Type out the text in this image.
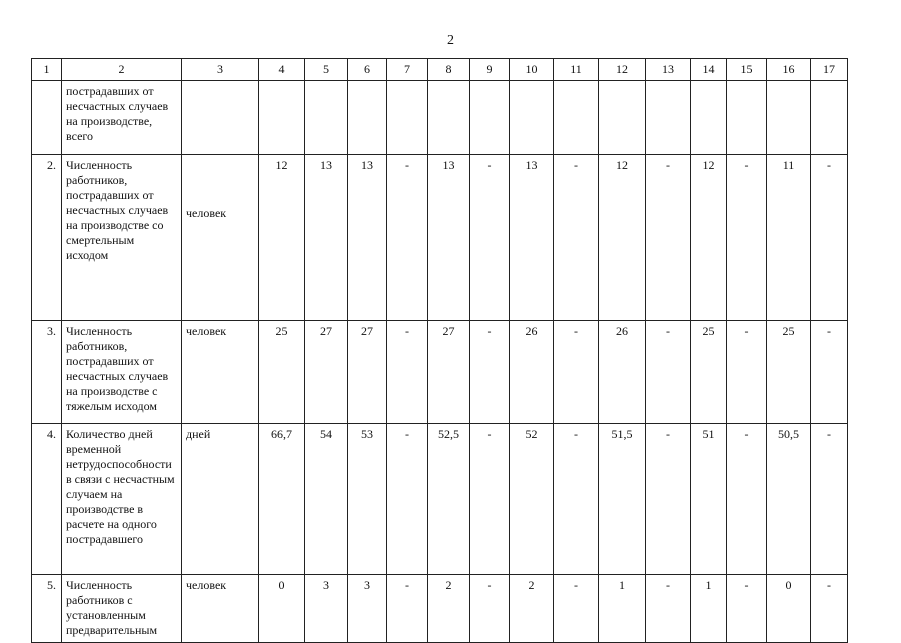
2
1	2	3	4	5	6	7	8	9	10	11	12	13	14	15	16	17
	пострадавших от несчастных случаев на производстве, всего															
2.	Численность работников, пострадавших от несчастных случаев на производстве со смертельным исходом	человек	12	13	13	-	13	-	13	-	12	-	12	-	11	-
3.	Численность работников, пострадавших от несчастных случаев на производстве с тяжелым исходом	человек	25	27	27	-	27	-	26	-	26	-	25	-	25	-
4.	Количество дней временной нетрудоспособности в связи с несчастным случаем на производстве в расчете на одного пострадавшего	дней	66,7	54	53	-	52,5	-	52	-	51,5	-	51	-	50,5	-
5.	Численность работников с установленным предварительным	человек	0	3	3	-	2	-	2	-	1	-	1	-	0	-
